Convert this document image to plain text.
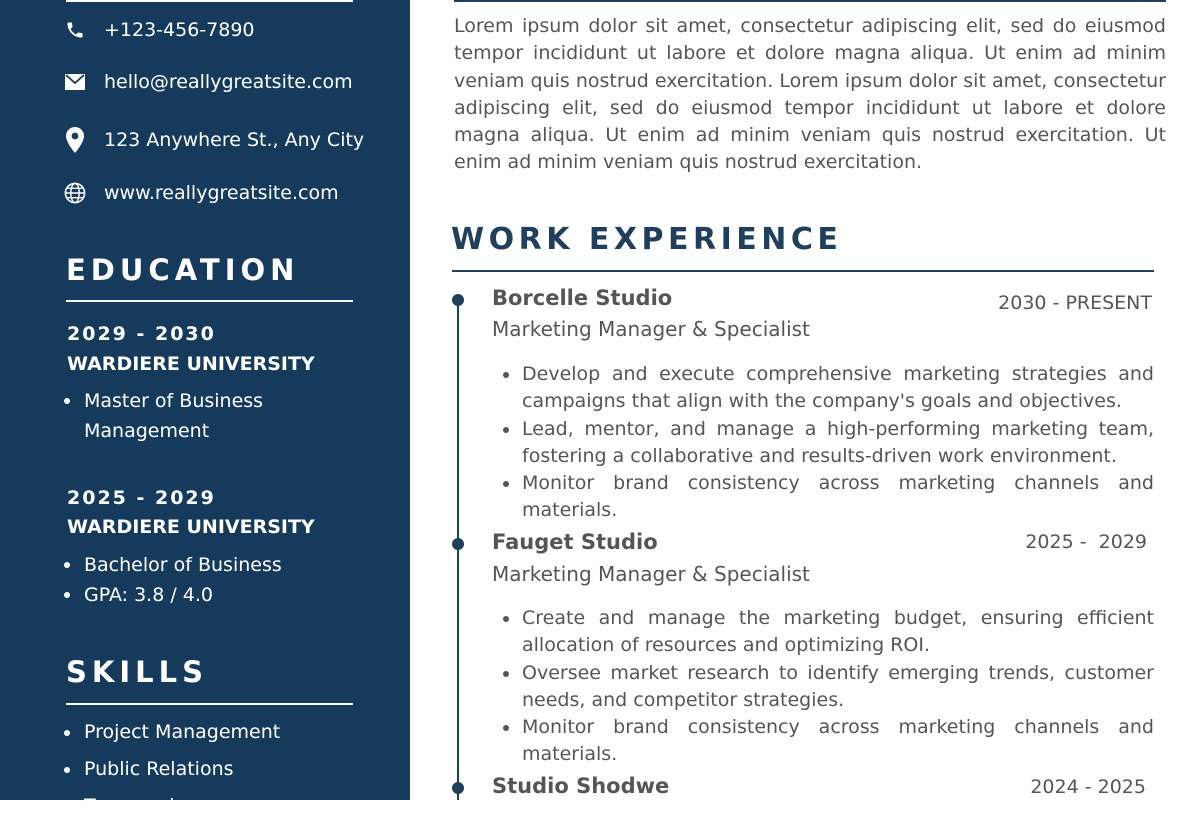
+123-456-7890
hello@reallygreatsite.com
123 Anywhere St., Any City
www.reallygreatsite.com
EDUCATION
2029 - 2030
WARDIERE UNIVERSITY
Master of Business
Management
2025 - 2029
WARDIERE UNIVERSITY
Bachelor of Business
GPA: 3.8 / 4.0
SKILLS
Project Management
Public Relations
Teamwork

Lorem ipsum dolor sit amet, consectetur adipiscing elit, sed do eiusmod tempor incididunt ut labore et dolore magna aliqua. Ut enim ad minim veniam quis nostrud exercitation. Lorem ipsum dolor sit amet, consectetur adipiscing elit, sed do eiusmod tempor incididunt ut labore et dolore magna aliqua. Ut enim ad minim veniam quis nostrud exercitation. Ut enim ad minim veniam quis nostrud exercitation.

WORK EXPERIENCE
Borcelle Studio	2030 - PRESENT
Marketing Manager & Specialist
Develop and execute comprehensive marketing strategies and campaigns that align with the company's goals and objectives.
Lead, mentor, and manage a high-performing marketing team, fostering a collaborative and results-driven work environment.
Monitor brand consistency across marketing channels and materials.
Fauget Studio	2025 -  2029
Marketing Manager & Specialist
Create and manage the marketing budget, ensuring efficient allocation of resources and optimizing ROI.
Oversee market research to identify emerging trends, customer needs, and competitor strategies.
Monitor brand consistency across marketing channels and materials.
Studio Shodwe	2024 - 2025
